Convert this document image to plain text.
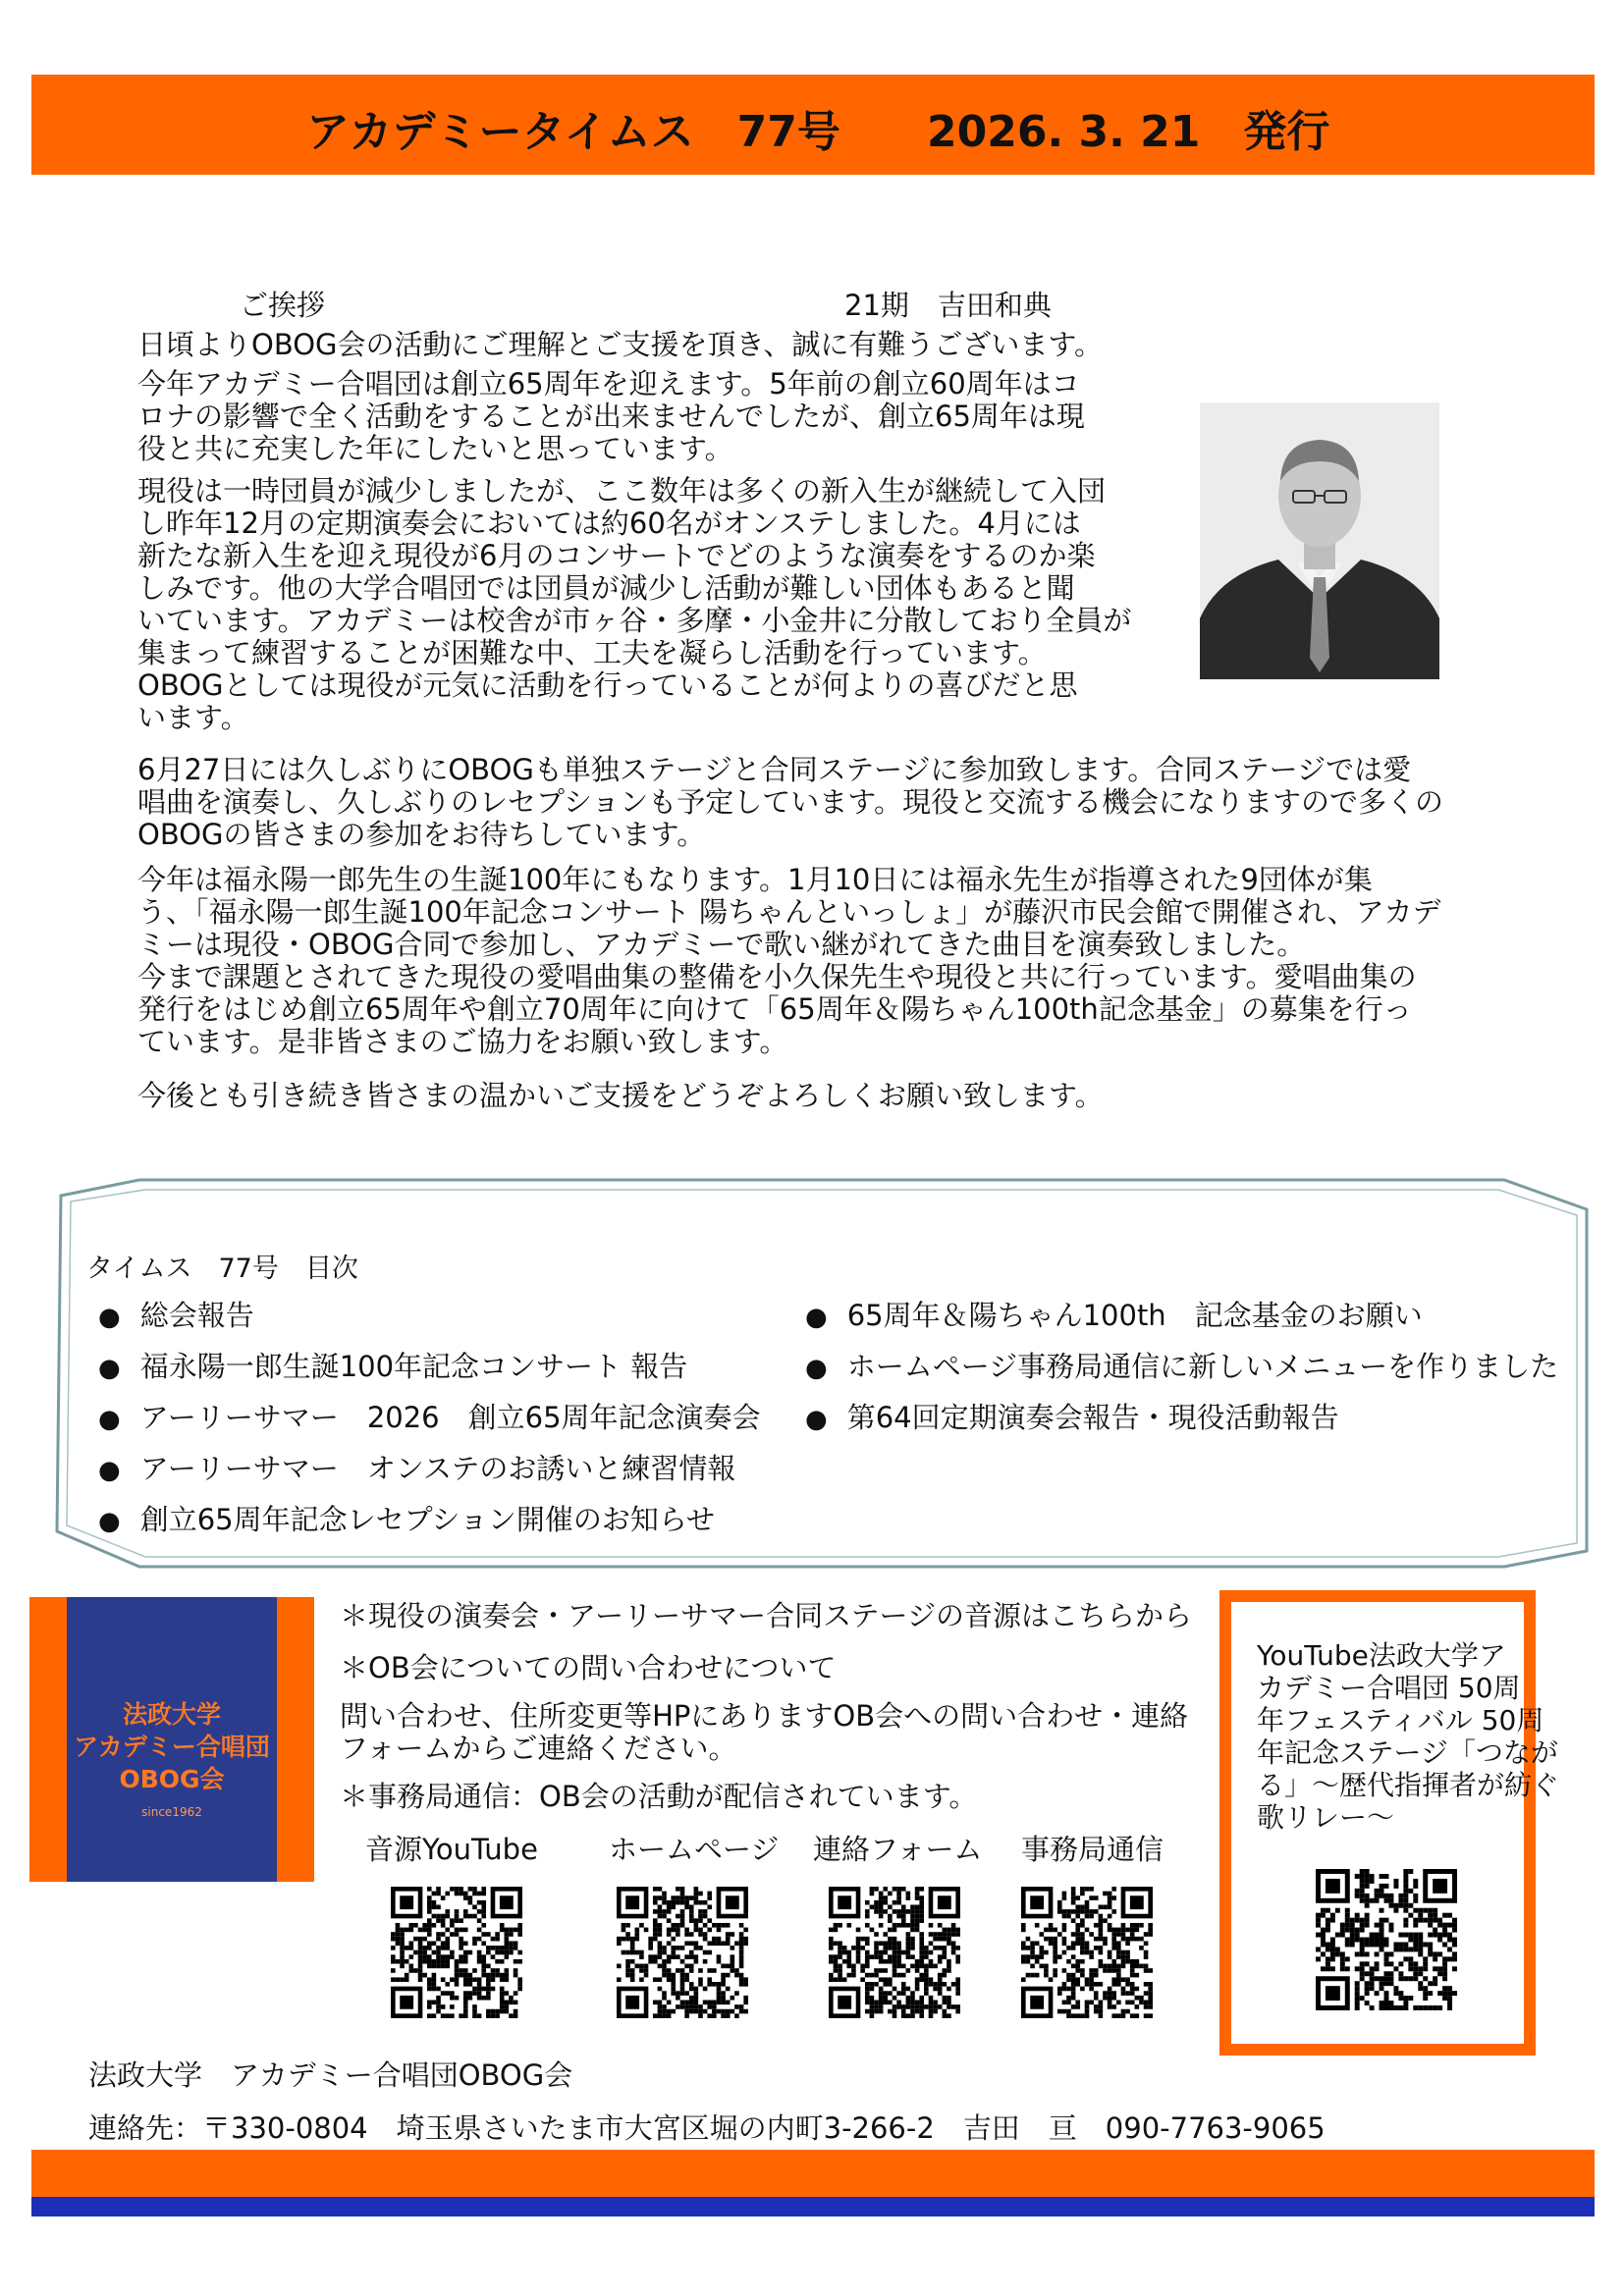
アカデミータイムス　77号 2026. 3. 21　発行
ご挨拶	21期　吉田和典
日頃よりOBOG会の活動にご理解とご支援を頂き、誠に有難うございます。
今年アカデミー合唱団は創立65周年を迎えます。5年前の創立60周年はコ
ロナの影響で全く活動をすることが出来ませんでしたが、創立65周年は現
役と共に充実した年にしたいと思っています。
現役は一時団員が減少しましたが、ここ数年は多くの新入生が継続して入団
し昨年12月の定期演奏会においては約60名がオンステしました。4月には
新たな新入生を迎え現役が6月のコンサートでどのような演奏をするのか楽
しみです。他の大学合唱団では団員が減少し活動が難しい団体もあると聞
いています。アカデミーは校舎が市ヶ谷・多摩・小金井に分散しており全員が
集まって練習することが困難な中、工夫を凝らし活動を行っています。
OBOGとしては現役が元気に活動を行っていることが何よりの喜びだと思
います。
6月27日には久しぶりにOBOGも単独ステージと合同ステージに参加致します。合同ステージでは愛
唱曲を演奏し、久しぶりのレセプションも予定しています。現役と交流する機会になりますので多くの
OBOGの皆さまの参加をお待ちしています。
今年は福永陽一郎先生の生誕100年にもなります。1月10日には福永先生が指導された9団体が集
う、「福永陽一郎生誕100年記念コンサート 陽ちゃんといっしょ」が藤沢市民会館で開催され、アカデ
ミーは現役・OBOG合同で参加し、アカデミーで歌い継がれてきた曲目を演奏致しました。
今まで課題とされてきた現役の愛唱曲集の整備を小久保先生や現役と共に行っています。愛唱曲集の
発行をはじめ創立65周年や創立70周年に向けて「65周年＆陽ちゃん100th記念基金」の募集を行っ
ています。是非皆さまのご協力をお願い致します。
今後とも引き続き皆さまの温かいご支援をどうぞよろしくお願い致します。
タイムス　77号　目次
● 総会報告
● 福永陽一郎生誕100年記念コンサート 報告
● アーリーサマー　2026　創立65周年記念演奏会
● アーリーサマー　オンステのお誘いと練習情報
● 創立65周年記念レセプション開催のお知らせ
● 65周年＆陽ちゃん100th　記念基金のお願い
● ホームページ事務局通信に新しいメニューを作りました
● 第64回定期演奏会報告・現役活動報告
法政大学
アカデミー合唱団
OBOG会
since1962
＊現役の演奏会・アーリーサマー合同ステージの音源はこちらから
＊OB会についての問い合わせについて
問い合わせ、住所変更等HPにありますOB会への問い合わせ・連絡
フォームからご連絡ください。
＊事務局通信：OB会の活動が配信されています。
音源YouTube ホームページ 連絡フォーム 事務局通信
YouTube法政大学ア
カデミー合唱団 50周
年フェスティバル 50周
年記念ステージ「つなが
る」～歴代指揮者が紡ぐ
歌リレー～
法政大学　アカデミー合唱団OBOG会
連絡先：〒330-0804　埼玉県さいたま市大宮区堀の内町3-266-2　吉田　亘　090-7763-9065
